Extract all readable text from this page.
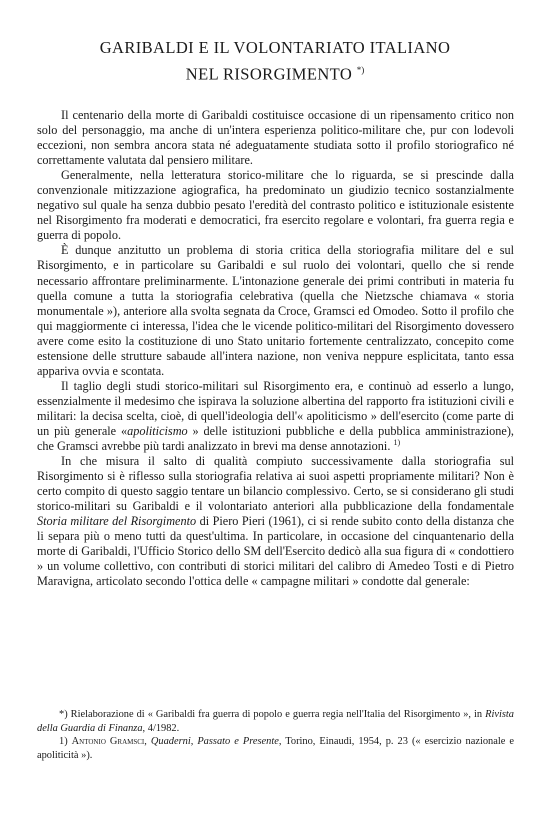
GARIBALDI E IL VOLONTARIATO ITALIANO
NEL RISORGIMENTO *)

Il centenario della morte di Garibaldi costituisce occasione di un ripensamento critico non solo del personaggio, ma anche di un'intera esperienza politico-militare che, pur con lodevoli eccezioni, non sembra ancora stata né adeguatamente studiata sotto il profilo storiografico né correttamente valutata dal pensiero militare.

Generalmente, nella letteratura storico-militare che lo riguarda, se si prescinde dalla convenzionale mitizzazione agiografica, ha predominato un giudizio tecnico sostanzialmente negativo sul quale ha senza dubbio pesato l'eredità del contrasto politico e istituzionale esistente nel Risorgimento fra moderati e democratici, fra esercito regolare e volontari, fra guerra regia e guerra di popolo.

È dunque anzitutto un problema di storia critica della storiografia militare del e sul Risorgimento, e in particolare su Garibaldi e sul ruolo dei volontari, quello che si rende necessario affrontare preliminarmente. L'intonazione generale dei primi contributi in materia fu quella comune a tutta la storiografia celebrativa (quella che Nietzsche chiamava « storia monumentale »), anteriore alla svolta segnata da Croce, Gramsci ed Omodeo. Sotto il profilo che qui maggiormente ci interessa, l'idea che le vicende politico-militari del Risorgimento dovessero avere come esito la costituzione di uno Stato unitario fortemente centralizzato, concepito come estensione delle strutture sabaude all'intera nazione, non veniva neppure esplicitata, tanto essa appariva ovvia e scontata.

Il taglio degli studi storico-militari sul Risorgimento era, e continuò ad esserlo a lungo, essenzialmente il medesimo che ispirava la soluzione albertina del rapporto fra istituzioni civili e militari: la decisa scelta, cioè, di quell'ideologia dell'« apoliticismo » dell'esercito (come parte di un più generale «apoliticismo » delle istituzioni pubbliche e della pubblica amministrazione), che Gramsci avrebbe più tardi analizzato in brevi ma dense annotazioni. $^{1)}$

In che misura il salto di qualità compiuto successivamente dalla storiografia sul Risorgimento si è riflesso sulla storiografia relativa ai suoi aspetti propriamente militari? Non è certo compito di questo saggio tentare un bilancio complessivo. Certo, se si considerano gli studi storico-militari su Garibaldi e il volontariato anteriori alla pubblicazione della fondamentale Storia militare del Risorgimento di Piero Pieri (1961), ci si rende subito conto della distanza che li separa più o meno tutti da quest'ultima. In particolare, in occasione del cinquantenario della morte di Garibaldi, l'Ufficio Storico dello SM dell'Esercito dedicò alla sua figura di « condottiero » un volume collettivo, con contributi di storici militari del calibro di Amedeo Tosti e di Pietro Maravigna, articolato secondo l'ottica delle « campagne militari » condotte dal generale:

*) Rielaborazione di « Garibaldi fra guerra di popolo e guerra regia nell'Italia del Risorgimento », in Rivista della Guardia di Finanza, 4/1982.

1) Antonio Gramsci, Quaderni, Passato e Presente, Torino, Einaudi, 1954, p. 23 (« esercizio nazionale e apoliticità »).
